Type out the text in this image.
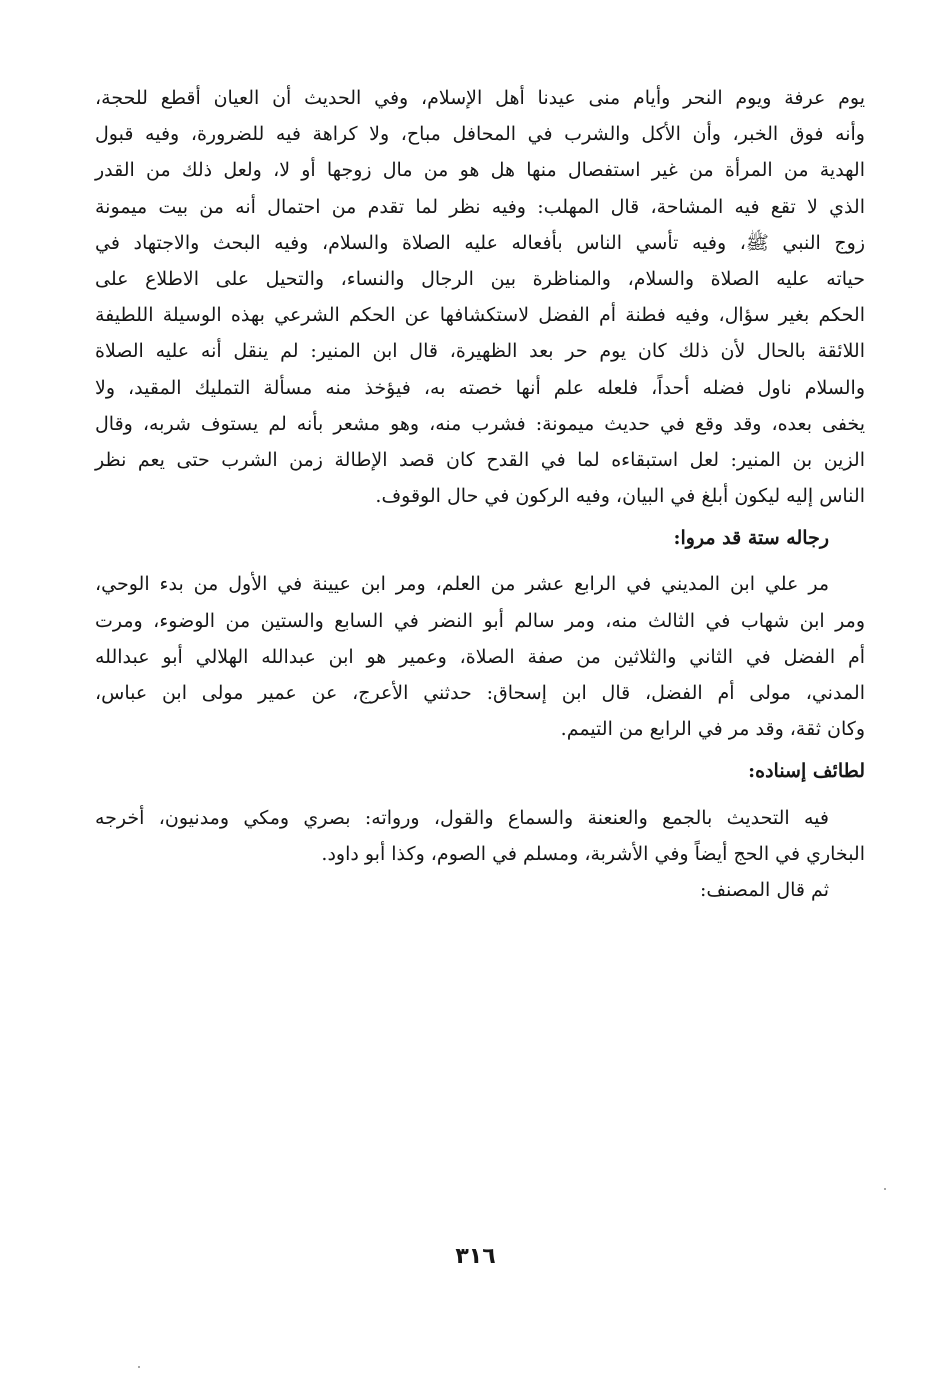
يوم عرفة ويوم النحر وأيام منى عيدنا أهل الإسلام، وفي الحديث أن العيان أقطع للحجة،
وأنه فوق الخبر، وأن الأكل والشرب في المحافل مباح، ولا كراهة فيه للضرورة، وفيه قبول
الهدية من المرأة من غير استفصال منها هل هو من مال زوجها أو لا، ولعل ذلك من القدر
الذي لا تقع فيه المشاحة، قال المهلب: وفيه نظر لما تقدم من احتمال أنه من بيت ميمونة
زوج النبي ﷺ، وفيه تأسي الناس بأفعاله عليه الصلاة والسلام، وفيه البحث والاجتهاد في
حياته عليه الصلاة والسلام، والمناظرة بين الرجال والنساء، والتحيل على الاطلاع على
الحكم بغير سؤال، وفيه فطنة أم الفضل لاستكشافها عن الحكم الشرعي بهذه الوسيلة اللطيفة
اللائقة بالحال لأن ذلك كان يوم حر بعد الظهيرة، قال ابن المنير: لم ينقل أنه عليه الصلاة
والسلام ناول فضله أحداً، فلعله علم أنها خصته به، فيؤخذ منه مسألة التمليك المقيد، ولا
يخفى بعده، وقد وقع في حديث ميمونة: فشرب منه، وهو مشعر بأنه لم يستوف شربه، وقال
الزين بن المنير: لعل استبقاءه لما في القدح كان قصد الإطالة زمن الشرب حتى يعم نظر
الناس إليه ليكون أبلغ في البيان، وفيه الركون في حال الوقوف.
رجاله ستة قد مروا:
مر علي ابن المديني في الرابع عشر من العلم، ومر ابن عيينة في الأول من بدء الوحي،
ومر ابن شهاب في الثالث منه، ومر سالم أبو النضر في السابع والستين من الوضوء، ومرت
أم الفضل في الثاني والثلاثين من صفة الصلاة، وعمير هو ابن عبدالله الهلالي أبو عبدالله
المدني، مولى أم الفضل، قال ابن إسحاق: حدثني الأعرج، عن عمير مولى ابن عباس،
وكان ثقة، وقد مر في الرابع من التيمم.
لطائف إسناده:
فيه التحديث بالجمع والعنعنة والسماع والقول، ورواته: بصري ومكي ومدنيون، أخرجه
البخاري في الحج أيضاً وفي الأشربة، ومسلم في الصوم، وكذا أبو داود.
ثم قال المصنف:
٣١٦
